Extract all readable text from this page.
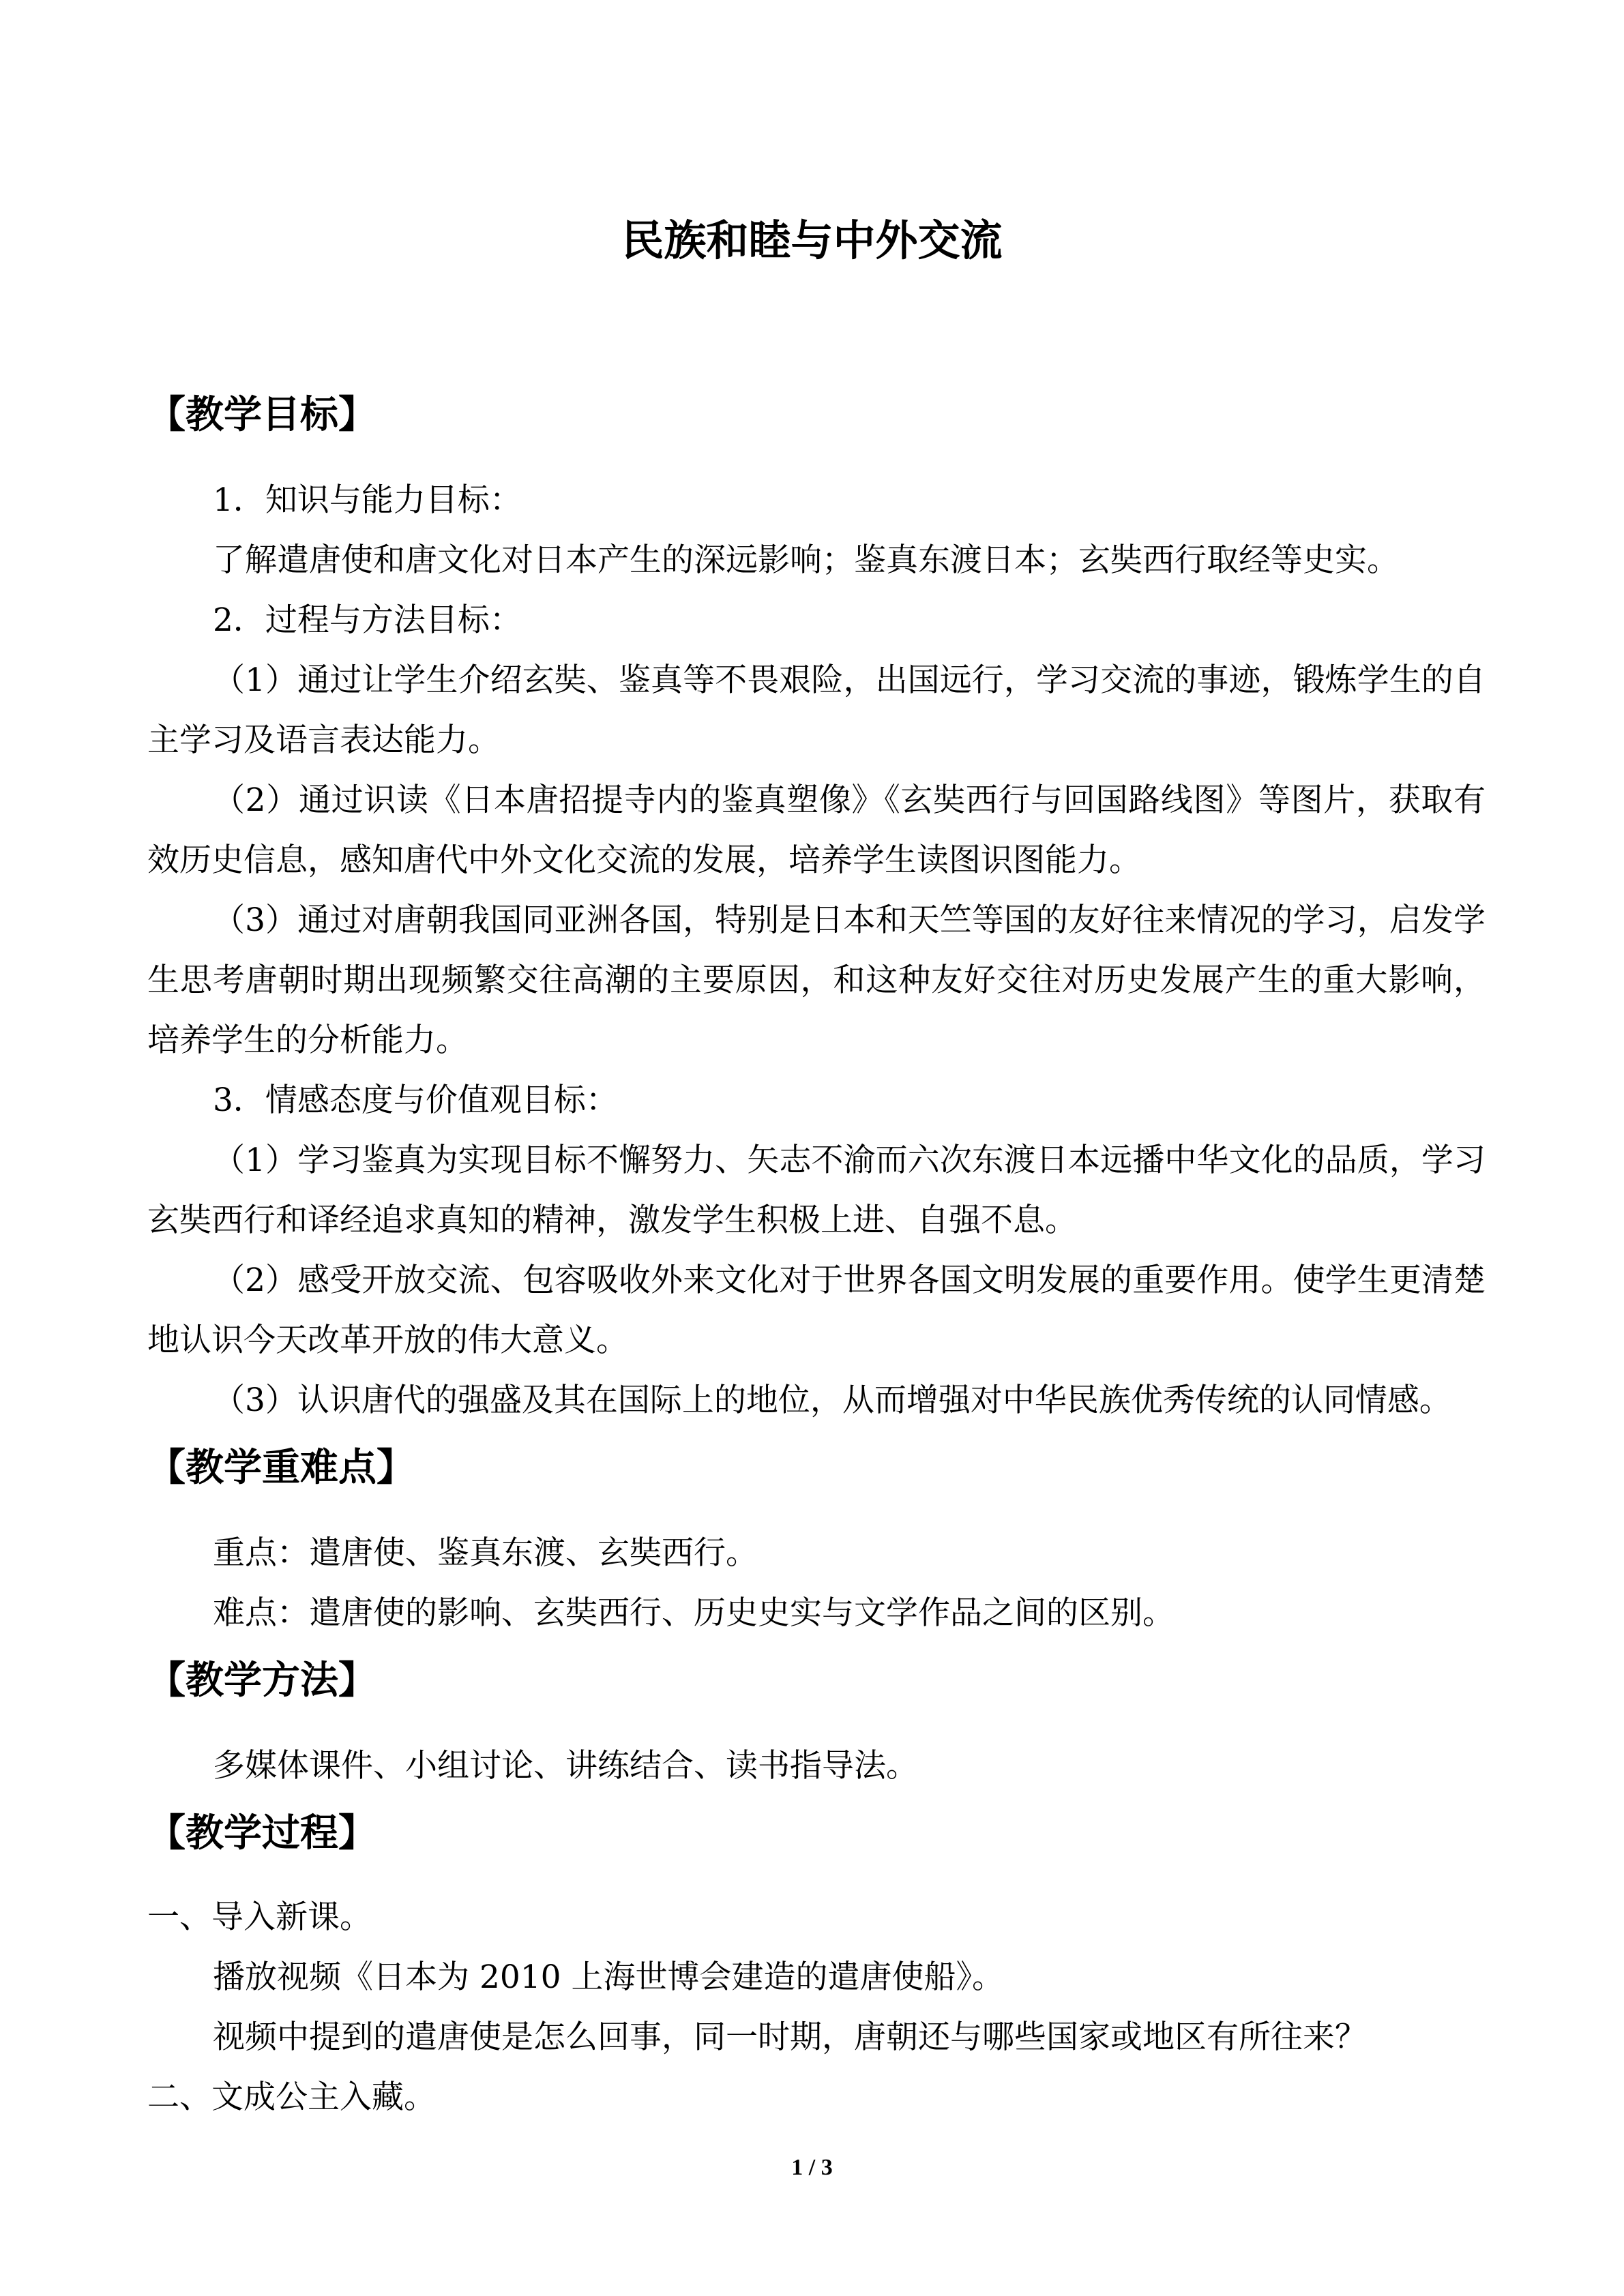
民族和睦与中外交流
【教学目标】
1．知识与能力目标：
了解遣唐使和唐文化对日本产生的深远影响；鉴真东渡日本；玄奘西行取经等史实。
2．过程与方法目标：
（1）通过让学生介绍玄奘、鉴真等不畏艰险，出国远行，学习交流的事迹，锻炼学生的自主学习及语言表达能力。
（2）通过识读《日本唐招提寺内的鉴真塑像》《玄奘西行与回国路线图》等图片，获取有效历史信息，感知唐代中外文化交流的发展，培养学生读图识图能力。
（3）通过对唐朝我国同亚洲各国，特别是日本和天竺等国的友好往来情况的学习，启发学生思考唐朝时期出现频繁交往高潮的主要原因，和这种友好交往对历史发展产生的重大影响，培养学生的分析能力。
3．情感态度与价值观目标：
（1）学习鉴真为实现目标不懈努力、矢志不渝而六次东渡日本远播中华文化的品质，学习玄奘西行和译经追求真知的精神，激发学生积极上进、自强不息。
（2）感受开放交流、包容吸收外来文化对于世界各国文明发展的重要作用。使学生更清楚地认识今天改革开放的伟大意义。
（3）认识唐代的强盛及其在国际上的地位，从而增强对中华民族优秀传统的认同情感。
【教学重难点】
重点：遣唐使、鉴真东渡、玄奘西行。
难点：遣唐使的影响、玄奘西行、历史史实与文学作品之间的区别。
【教学方法】
多媒体课件、小组讨论、讲练结合、读书指导法。
【教学过程】
一、导入新课。
播放视频《日本为 2010 上海世博会建造的遣唐使船》。
视频中提到的遣唐使是怎么回事，同一时期，唐朝还与哪些国家或地区有所往来？
二、文成公主入藏。
1 / 3
